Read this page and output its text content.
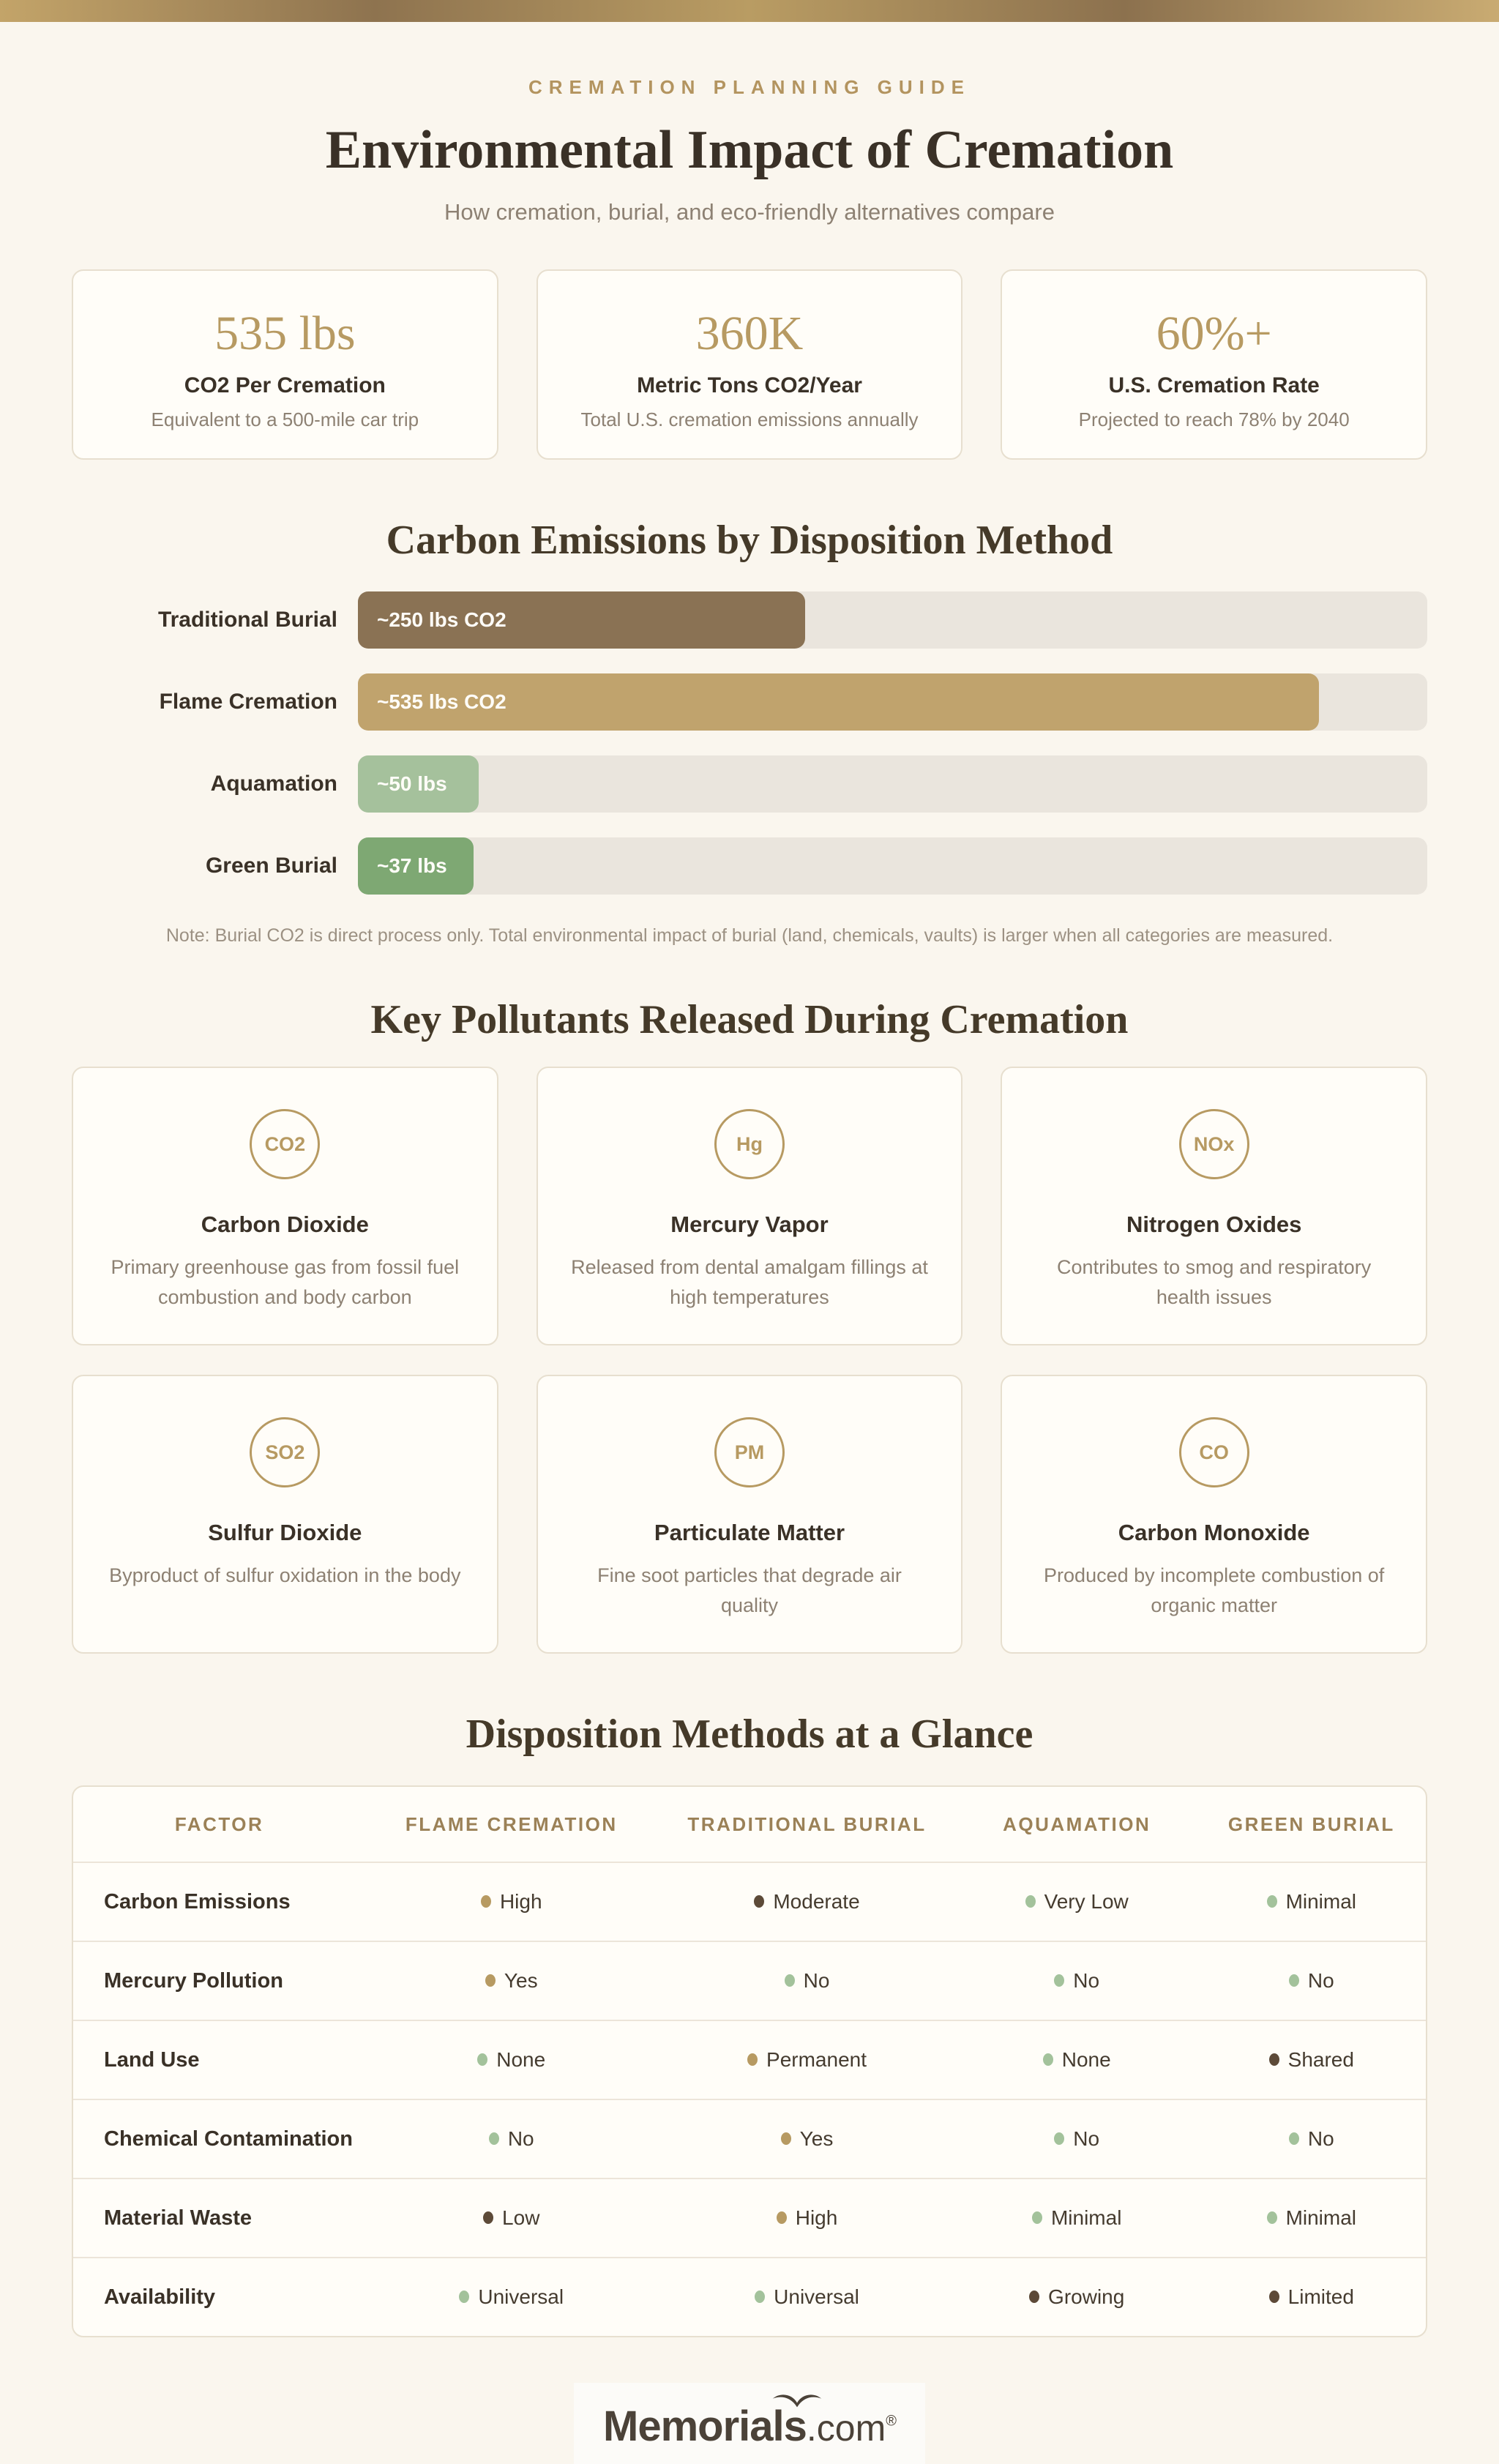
CREMATION PLANNING GUIDE
Environmental Impact of Cremation
How cremation, burial, and eco-friendly alternatives compare
535 lbs
CO2 Per Cremation
Equivalent to a 500-mile car trip
360K
Metric Tons CO2/Year
Total U.S. cremation emissions annually
60%+
U.S. Cremation Rate
Projected to reach 78% by 2040
Carbon Emissions by Disposition Method
Traditional Burial	~250 lbs CO2
Flame Cremation	~535 lbs CO2
Aquamation	~50 lbs
Green Burial	~37 lbs
Note: Burial CO2 is direct process only. Total environmental impact of burial (land, chemicals, vaults) is larger when all categories are measured.
Key Pollutants Released During Cremation
CO2
Carbon Dioxide
Primary greenhouse gas from fossil fuel combustion and body carbon
Hg
Mercury Vapor
Released from dental amalgam fillings at high temperatures
NOx
Nitrogen Oxides
Contributes to smog and respiratory health issues
SO2
Sulfur Dioxide
Byproduct of sulfur oxidation in the body
PM
Particulate Matter
Fine soot particles that degrade air quality
CO
Carbon Monoxide
Produced by incomplete combustion of organic matter
Disposition Methods at a Glance
FACTOR	FLAME CREMATION	TRADITIONAL BURIAL	AQUAMATION	GREEN BURIAL
Carbon Emissions	High	Moderate	Very Low	Minimal
Mercury Pollution	Yes	No	No	No
Land Use	None	Permanent	None	Shared
Chemical Contamination	No	Yes	No	No
Material Waste	Low	High	Minimal	Minimal
Availability	Universal	Universal	Growing	Limited
Memorials.com®
